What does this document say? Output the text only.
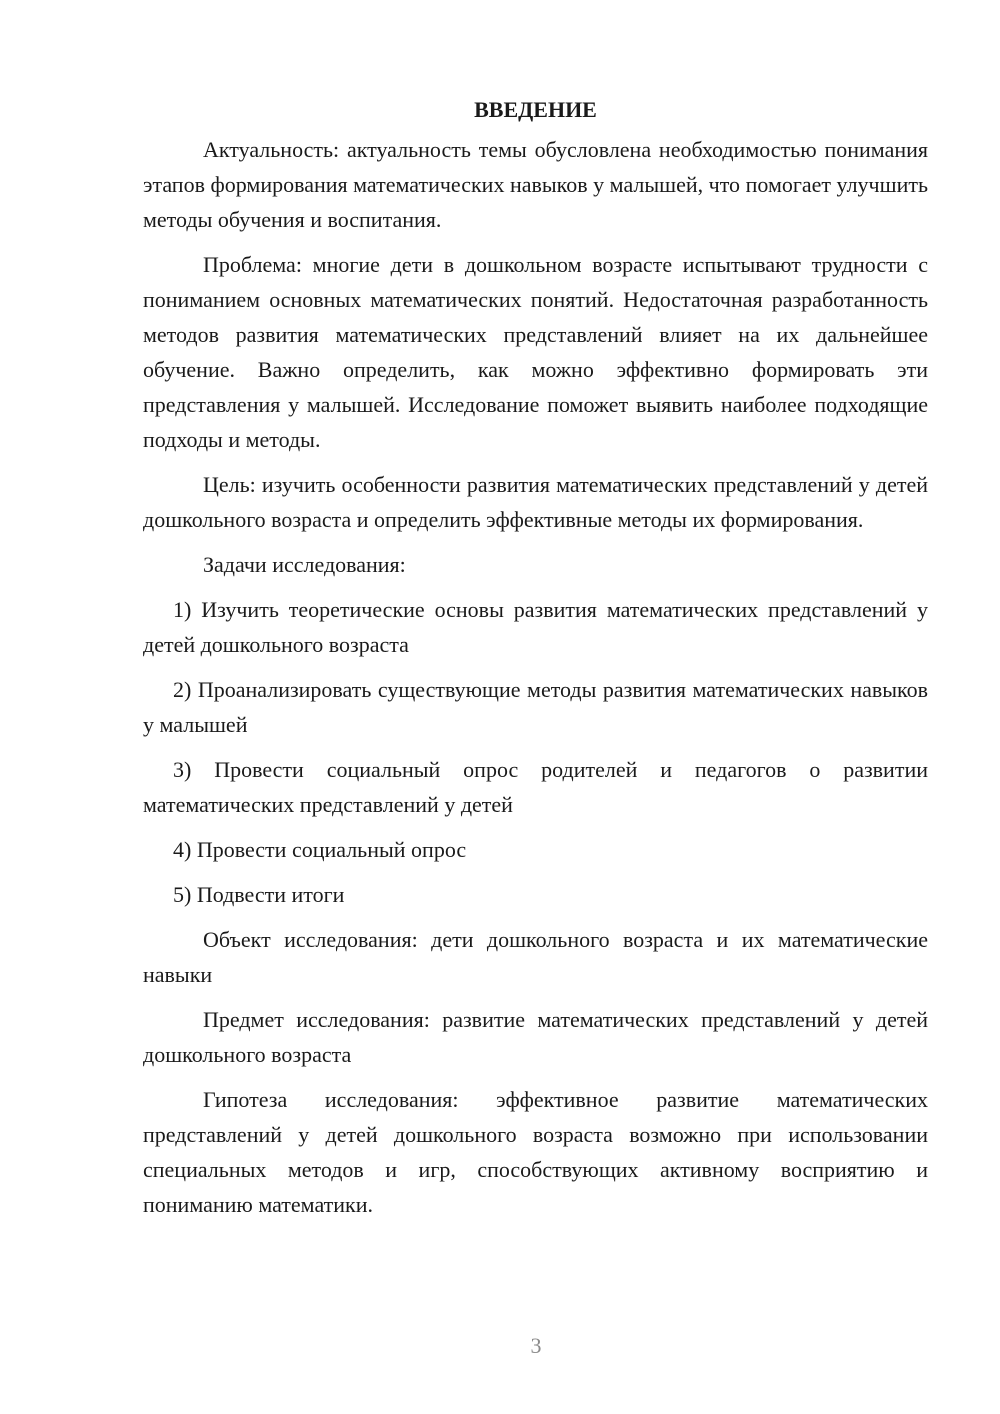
ВВЕДЕНИЕ

Актуальность: актуальность темы обусловлена необходимостью понимания этапов формирования математических навыков у малышей, что помогает улучшить методы обучения и воспитания.

Проблема: многие дети в дошкольном возрасте испытывают трудности с пониманием основных математических понятий. Недостаточная разработанность методов развития математических представлений влияет на их дальнейшее обучение. Важно определить, как можно эффективно формировать эти представления у малышей. Исследование поможет выявить наиболее подходящие подходы и методы.

Цель: изучить особенности развития математических представлений у детей дошкольного возраста и определить эффективные методы их формирования.

Задачи исследования:

1) Изучить теоретические основы развития математических представлений у детей дошкольного возраста

2) Проанализировать существующие методы развития математических навыков у малышей

3) Провести социальный опрос родителей и педагогов о развитии математических представлений у детей

4) Провести социальный опрос

5) Подвести итоги

Объект исследования: дети дошкольного возраста и их математические навыки

Предмет исследования: развитие математических представлений у детей дошкольного возраста

Гипотеза исследования: эффективное развитие математических представлений у детей дошкольного возраста возможно при использовании специальных методов и игр, способствующих активному восприятию и пониманию математики.

3
